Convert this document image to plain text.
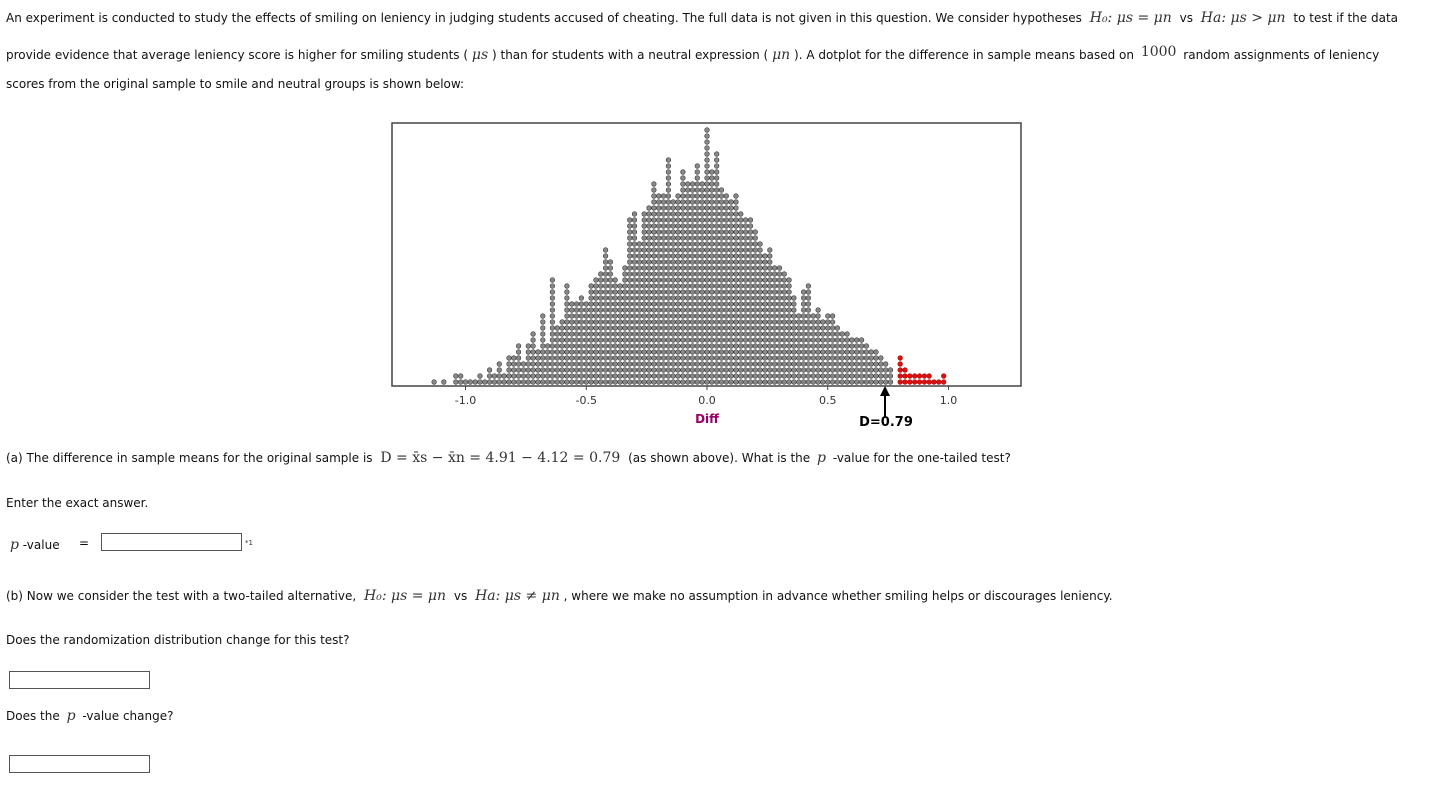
An experiment is conducted to study the effects of smiling on leniency in judging students accused of cheating. The full data is not given in this question. We consider hypotheses H₀: μs = μn vs Ha: μs > μn to test if the data
provide evidence that average leniency score is higher for smiling students ( μs ) than for students with a neutral expression ( μn ). A dotplot for the difference in sample means based on 1000 random assignments of leniency
scores from the original sample to smile and neutral groups is shown below:
-1.0	-0.5	0.0	0.5	1.0
Diff	D=0.79
(a) The difference in sample means for the original sample is D = x̄s − x̄n = 4.91 − 4.12 = 0.79 (as shown above). What is the p -value for the one-tailed test?
Enter the exact answer.
p -value =	*1
(b) Now we consider the test with a two-tailed alternative, H₀: μs = μn vs Ha: μs ≠ μn , where we make no assumption in advance whether smiling helps or discourages leniency.
Does the randomization distribution change for this test?
Does the p -value change?
